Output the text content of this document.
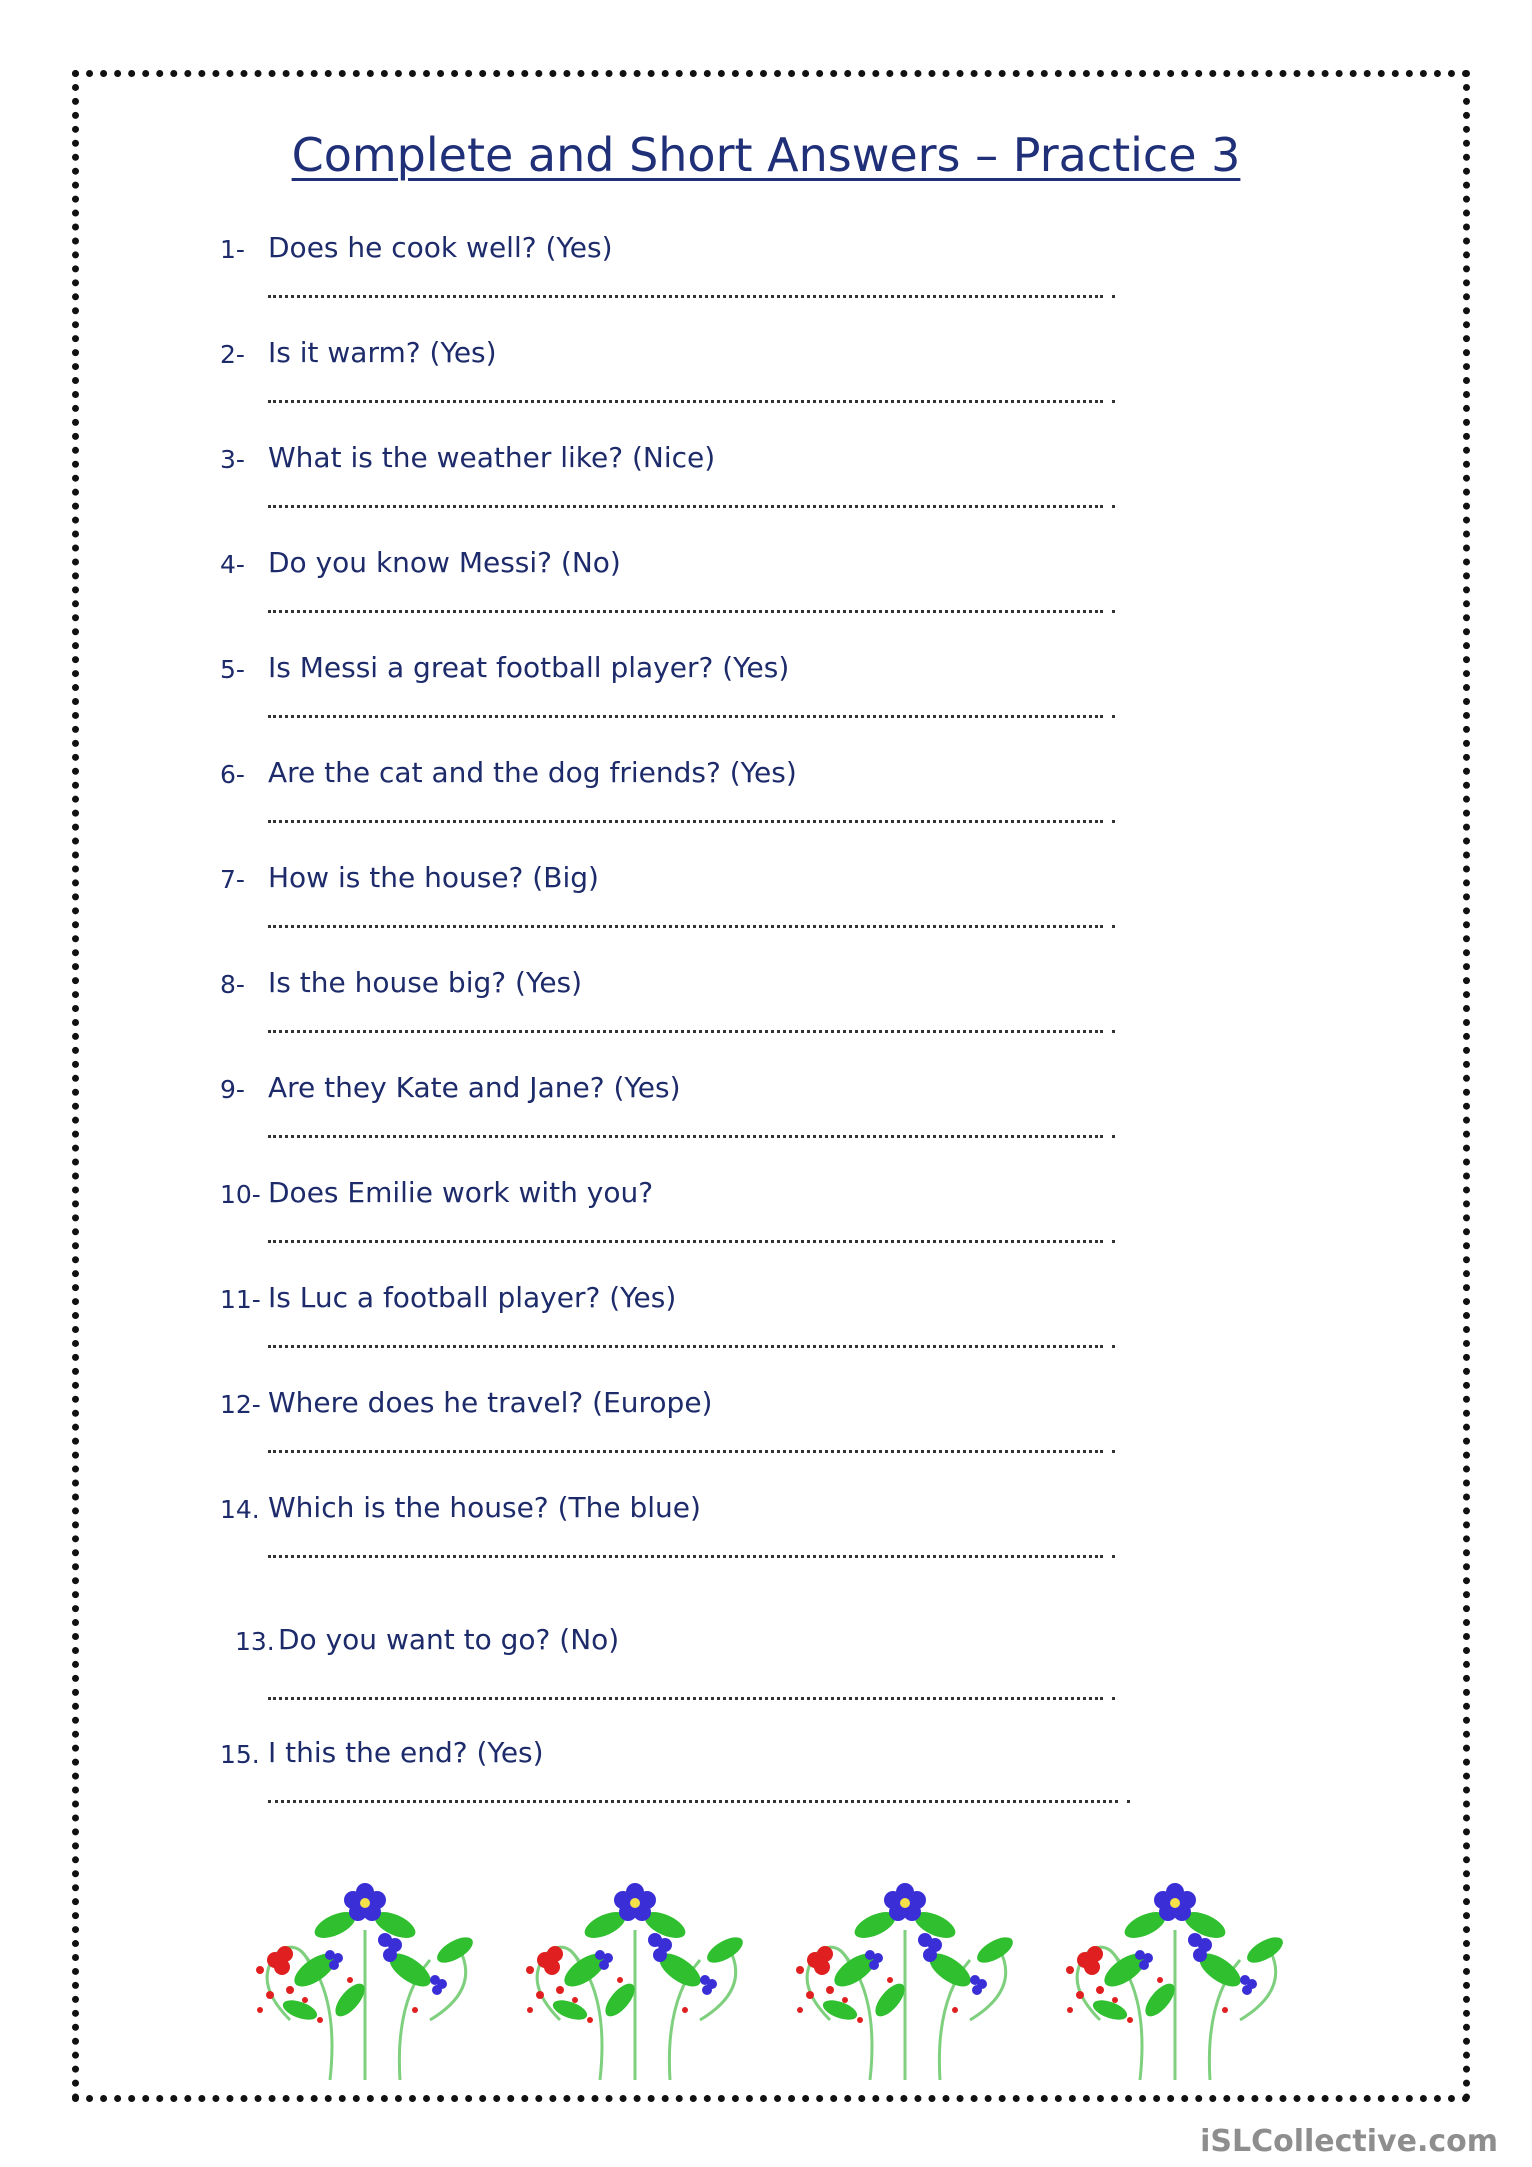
Complete and Short Answers – Practice 3
1- Does he cook well? (Yes)
2- Is it warm? (Yes)
3- What is the weather like? (Nice)
4- Do you know Messi? (No)
5- Is Messi a great football player? (Yes)
6- Are the cat and the dog friends? (Yes)
7- How is the house? (Big)
8- Is the house big? (Yes)
9- Are they Kate and Jane? (Yes)
10- Does Emilie work with you?
11- Is Luc a football player? (Yes)
12- Where does he travel? (Europe)
14. Which is the house? (The blue)
13. Do you want to go? (No)
15. I this the end? (Yes)
iSLCollective.com
